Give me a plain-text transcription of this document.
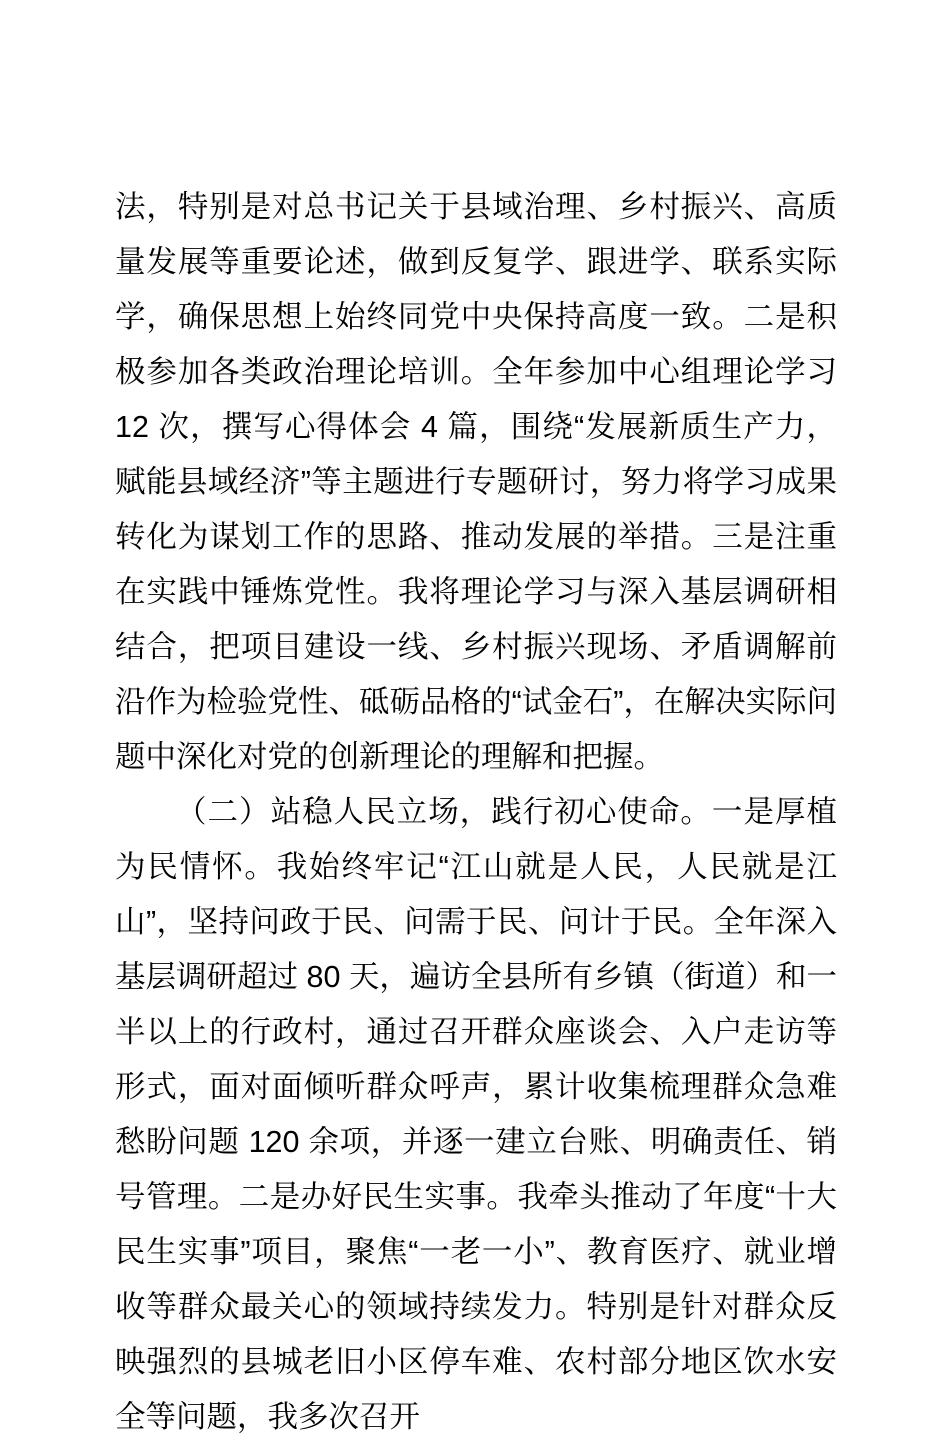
法，特别是对总书记关于县域治理、乡村振兴、高质量发展等重要论述，做到反复学、跟进学、联系实际学，确保思想上始终同党中央保持高度一致。二是积极参加各类政治理论培训。全年参加中心组理论学习 12 次，撰写心得体会 4 篇，围绕“发展新质生产力，赋能县域经济”等主题进行专题研讨，努力将学习成果转化为谋划工作的思路、推动发展的举措。三是注重在实践中锤炼党性。我将理论学习与深入基层调研相结合，把项目建设一线、乡村振兴现场、矛盾调解前沿作为检验党性、砥砺品格的“试金石”，在解决实际问题中深化对党的创新理论的理解和把握。

（二）站稳人民立场，践行初心使命。一是厚植为民情怀。我始终牢记“江山就是人民，人民就是江山”，坚持问政于民、问需于民、问计于民。全年深入基层调研超过 80 天，遍访全县所有乡镇（街道）和一半以上的行政村，通过召开群众座谈会、入户走访等形式，面对面倾听群众呼声，累计收集梳理群众急难愁盼问题 120 余项，并逐一建立台账、明确责任、销号管理。二是办好民生实事。我牵头推动了年度“十大民生实事”项目，聚焦“一老一小”、教育医疗、就业增收等群众最关心的领域持续发力。特别是针对群众反映强烈的县城老旧小区停车难、农村部分地区饮水安全等问题，我多次召开
